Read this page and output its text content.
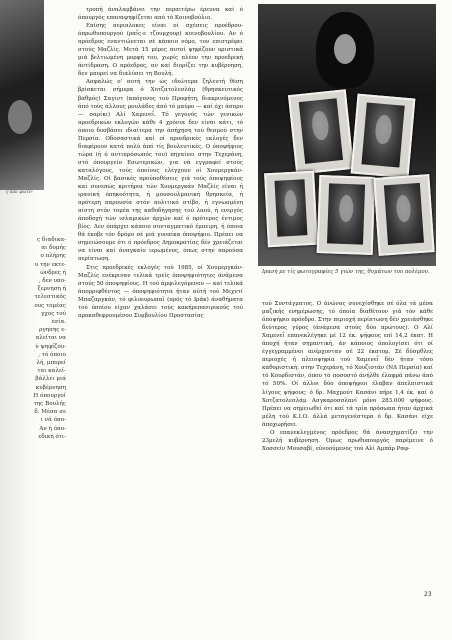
ς και φωτό-
ς διαδικα-
αι δομής
ο πλήρης
υ την εκτε-
ώνδρες ή
, δεν υπο-
ξερνηση ή
τελεστικός
ους τομέας
γχος τού
εσία.
ργησης ε-
αλείται να
ύ ψηφίζου-
, τό όποιο
λή, μπορεί
ται καλεί-
βάλλει μιά
κυβέρνηση
Η όπουργοί
της Βουλής
δ. Μέσα σε
ι νά όπο-
Αν ή όπο-
εδική ότι-

τροπή άναλαμβάνει την περαιτέρω έρευνα καί ό όπουργός επαναψηφίζεται από τό Κοινοβούλιο.

Επίσης περιπλοκες είναι οί σχέσεις προέδρου- όπρωθυπουργού (ραΐς-ε τζουμχουρ) κοινοβουλίου. Αν ό πρόεδρος εναντιώνεται σέ κάποιο νόμο, τον επιστρέφει στούς Μαζλίς. Μετά 15 μέρες αυτοί ψηφίζουν οριστικά μιά βελτιωμένη μορφή του, χωρίς πλέον την προεδρική άντίδραση. Ο πρόεδρος, αν καί διορίζει την κυβέρνηση, δεν μπορεί να διαλύσει τη Βουλή.

Ασφαλώς ο' αυτή την ώς ιδεώτερα ζηλευτή θέση βρίσκεται σήμερα ό Χοτζατολεσλάμ (θρησκευτικός βαθμός) Σαγιντ (απόγονος τού Προφήτη, διακρινόμενος άπό τούς άλλους μουλάδες άπό τό μαύρο — καί όχι άσπρο — σαρίκι) Αλί Χαμενεΐ. Τό γεγονός τών γενικών προεδρικών εκλογών κάθε 4 χρόνια δεν είναι κάτι, τό όποιο δυσβάσει ιδιαίτερα την άπήχηση τού θεσμού στην Περσία. Οδοσαστικά καί οί προεδρικές εκλογές δεν διαφέρουν κατά πολύ άπό τίς βουλευτικές. Ο όποψήφιος τώρα (ή ό αντιπρόσωπός του) πηγαίνει στην Τεχεράνη, στό όπουργείο Εσωτερικών, για νά εγγραφεί στούς καταλόγους, τούς όποίους ελέγχουν οί Χουμεργκάν-Μαζλίς. Οί βασικές προϋποθέσεις γιά τούς όποψηφίους καί συνεπώς κριτήρια τών Χουμεργκάν Μαζλίς είναι ή ιρανική όπηκοότητα, ή μουσουλμανική θρησκεία, ή πρότερη παρουσία στόν πολιτικό στίβο, ή εγνωσμένη πίστη στόν τομέα της καθοδήγησης τού λαού, ή ενεργός άποδοχή τών ισλαμικών άρχών καί ό πρότερος έντιμος βίος. Δεν όπάρχει κάποιο συνταγματικό έμπειρη, ή όποια θά έκοβε τόν δρόμο σέ μιά γυναίκα όποψήφιο. Πρέπει να σημειώσουμε ότι ό πρόεδρος Δημοκρατίας δέν χρειάζεται να είναι καί άναγκαίο ιερωμένος, όπως στην παρούσα περίπτωση.

Στις προεδρικές εκλογές τού 1985, οί Χουμεργκάν-Μαζλίς ενέκριναν τελικά τρείς όποψηφιότητες άνάμεσα στούς 50 όποψηφίους. Η τού άμφιλεγόμενου — καί τελικά άπορριφθέντος — όποψηφιότητα ήταν αύτή τού Μεχντί Μπαζαργκάν, τό φιλοευρωπαϊ (πρός τό Ιράκ) άναθήματα τού όποίου είχαν χαλάσει τούς κακήρεπανιρικούς τού προκαθεφρουμένου Συμβουλίου Προστασίας

Ιρανή με τίς φωτογραφίες 5 γιών της, θυμάτων του πολέμου.

τού Συντάγματος. Ο άνώνας συνεχίσθηκε σέ όλα τά μέσα μαζικής ενημέρωσης, τό όποία διαθέτουν γιά τόν κάθε όποψήφιο πρόεδρο. Στην περιοχή περίπτωση δέν χρειάσθηκε δεύτερος γύρος (άνάμεσα στούς δύο πρώτους). Ο Αλί Χαμενεΐ επανεκλέγηκε μέ 12 έκ. ψήφους επί 14,2 έκατ. Η άποχή ήταν σημαντική, άν κάποιος όπολογίσει ότι οί έγγεγραμμένοι ανέρχονταν σέ 22 έκατομ. Σέ δύσμθλες περιοχές ή πλειοψηφία τού Χαμενεΐ δέν ήταν τόσο καθοριστική: στην Τεχεράνη, τό Χουζιστάν (ΝΔ Περσία) καί τό Κουρδιστάν, όπου τό ποσοστό άνήλθε έλαφρά πάνω άπό τό 50%. Οί άλλοι δύο όποψήφιοι έλαβαν άπελπιστικά λίγους ψήφους: ό δρ. Μαχμούτ Κασάνι πήρε 1,4 έκ. καί ό Χοτζατολεσλάμ Ασγκαροσσλανί μόνο 283.000 ψήφους. Πρέπει να σημειωθεί ότι καί τά τρία πρόσωπα ήταν άρχικά μέλη τού Κ.Ι.Ο. άλλά μεταγενέστερα ό δρ. Κασάνι είχε άποχωρήσει.

Ο επανεκλεγμένος πρόεδρος θά άνασχηματίζει την 23μελή κυβέρνηση. Όμως πρωθυπουργός παρέμεινε ό Χοσσείν Μουσαβί, εύνοούμενος τού Αλί Αμπάρ Ραφ-

23
